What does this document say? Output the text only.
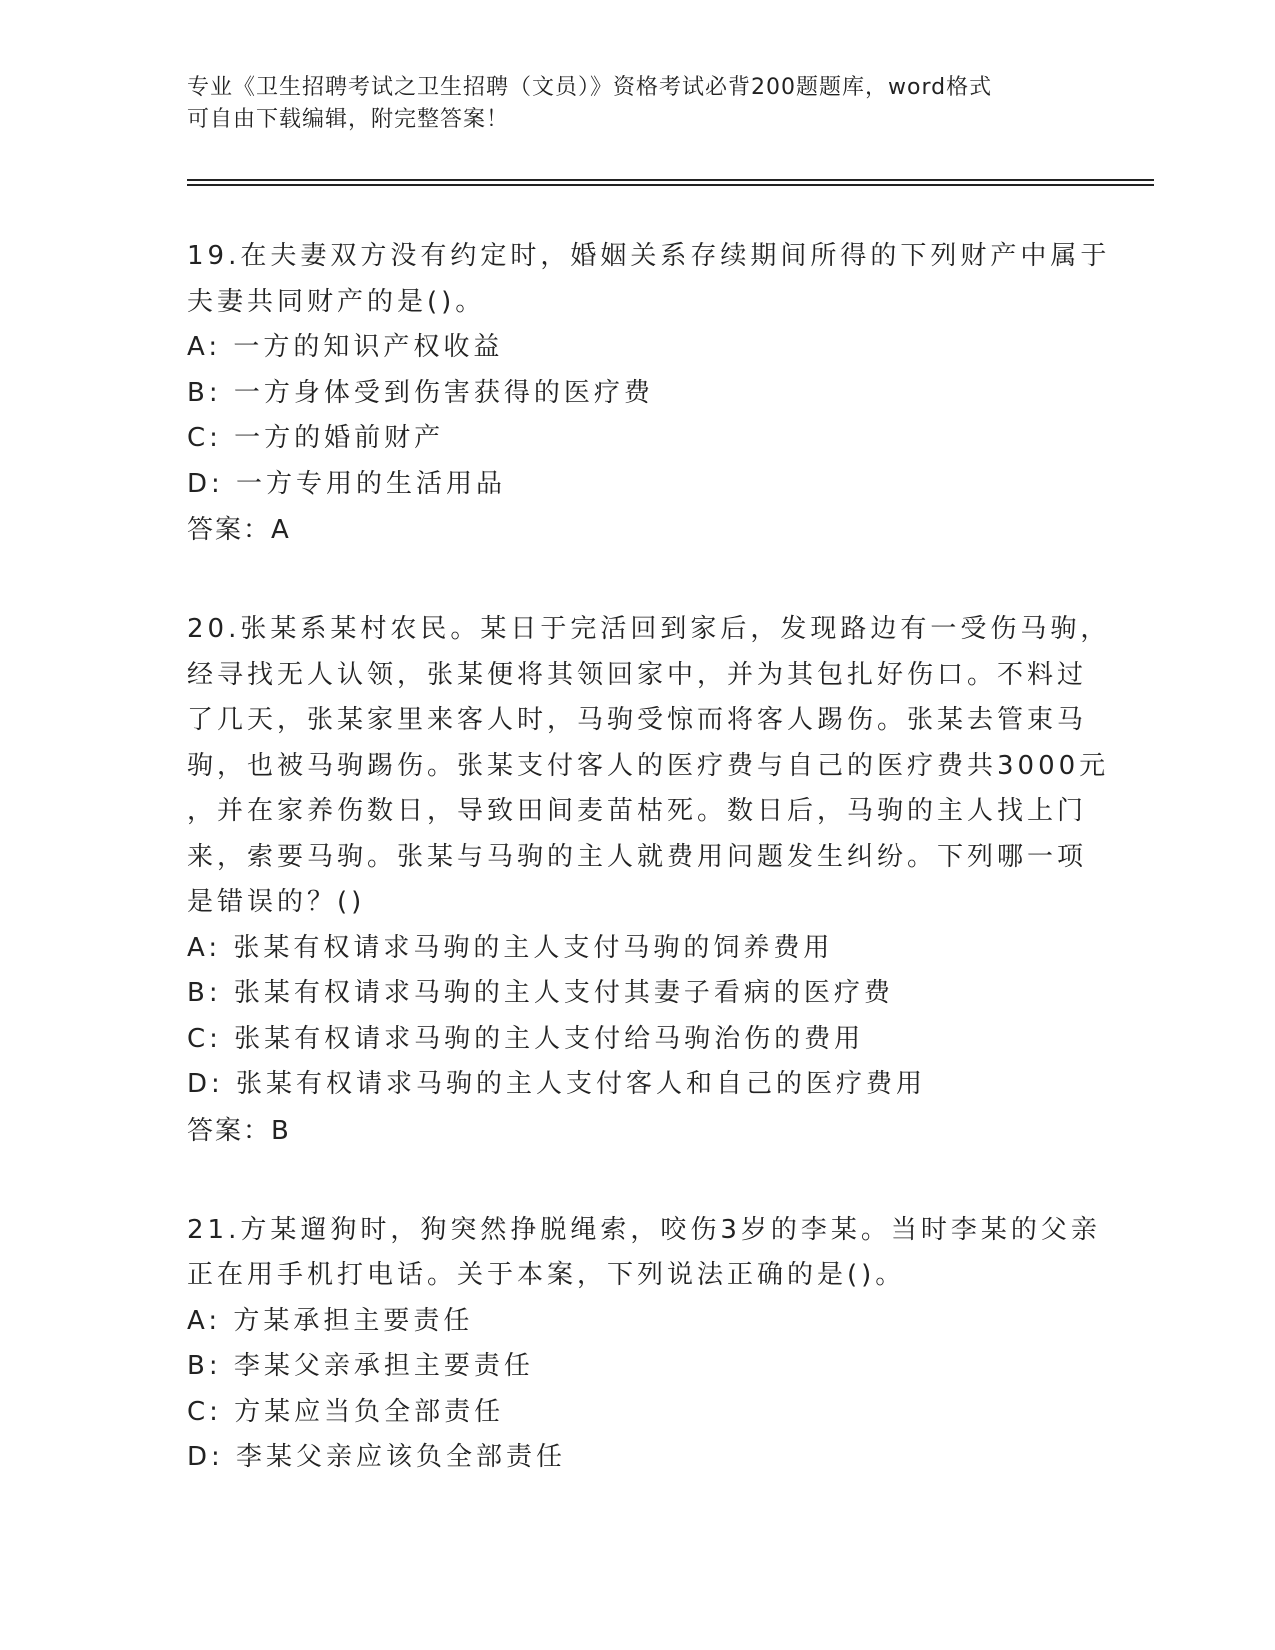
专业《卫生招聘考试之卫生招聘（文员）》资格考试必背200题题库，word格式
可自由下载编辑，附完整答案！
19.在夫妻双方没有约定时，婚姻关系存续期间所得的下列财产中属于
夫妻共同财产的是()。
A: 一方的知识产权收益
B: 一方身体受到伤害获得的医疗费
C: 一方的婚前财产
D: 一方专用的生活用品
答案：A
20.张某系某村农民。某日于完活回到家后，发现路边有一受伤马驹，
经寻找无人认领，张某便将其领回家中，并为其包扎好伤口。不料过
了几天，张某家里来客人时，马驹受惊而将客人踢伤。张某去管束马
驹，也被马驹踢伤。张某支付客人的医疗费与自己的医疗费共3000元
，并在家养伤数日，导致田间麦苗枯死。数日后，马驹的主人找上门
来，索要马驹。张某与马驹的主人就费用问题发生纠纷。下列哪一项
是错误的？()
A: 张某有权请求马驹的主人支付马驹的饲养费用
B: 张某有权请求马驹的主人支付其妻子看病的医疗费
C: 张某有权请求马驹的主人支付给马驹治伤的费用
D: 张某有权请求马驹的主人支付客人和自己的医疗费用
答案：B
21.方某遛狗时，狗突然挣脱绳索，咬伤3岁的李某。当时李某的父亲
正在用手机打电话。关于本案，下列说法正确的是()。
A: 方某承担主要责任
B: 李某父亲承担主要责任
C: 方某应当负全部责任
D: 李某父亲应该负全部责任
